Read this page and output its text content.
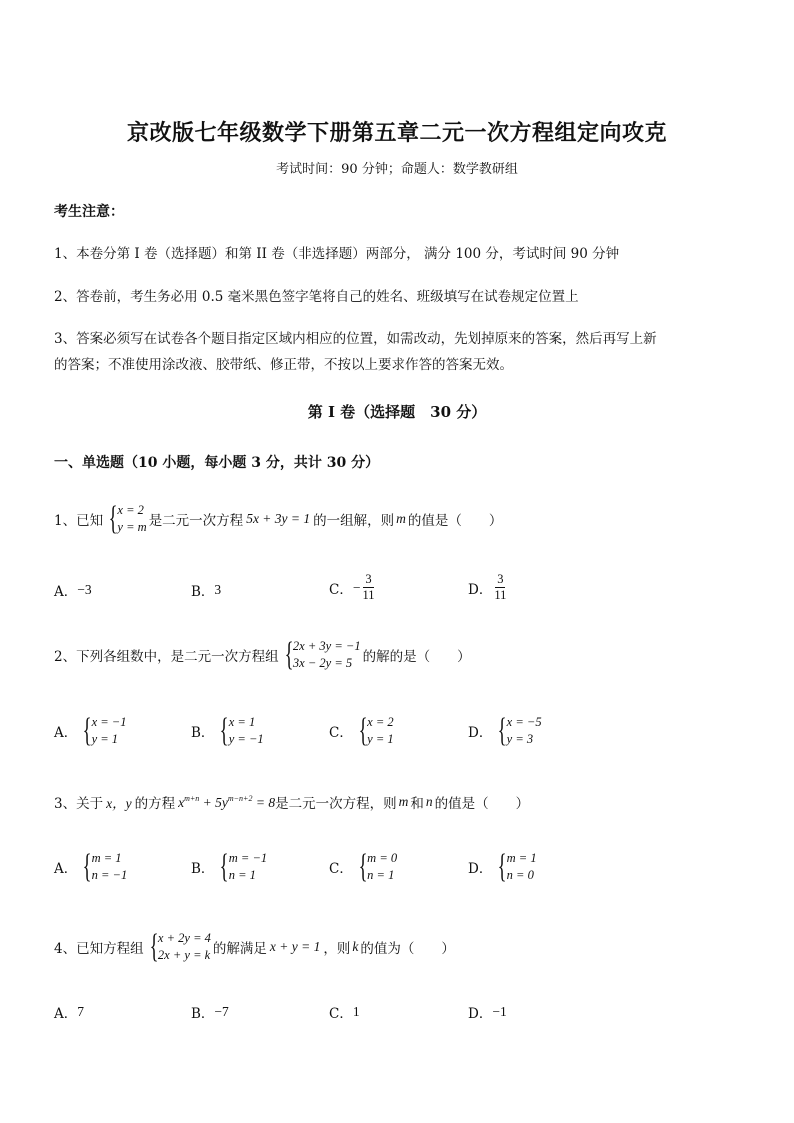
京改版七年级数学下册第五章二元一次方程组定向攻克
考试时间：90 分钟；命题人：数学教研组
考生注意：
1、本卷分第 I 卷（选择题）和第 II 卷（非选择题）两部分， 满分 100 分，考试时间 90 分钟
2、答卷前，考生务必用 0.5 毫米黑色签字笔将自己的姓名、班级填写在试卷规定位置上
3、答案必须写在试卷各个题目指定区域内相应的位置，如需改动，先划掉原来的答案，然后再写上新
的答案；不准使用涂改液、胶带纸、修正带，不按以上要求作答的答案无效。
第 I 卷（选择题　30 分）
一、单选题（10 小题，每小题 3 分，共计 30 分）
1、已知 { x = 2
y = m 是二元一次方程 5x + 3y = 1 的一组解，则 m 的值是（　　）
A． −3	B． 3	C． − $\frac{3}{11}$	D． $\frac{3}{11}$
2、下列各组数中，是二元一次方程组 { 2x + 3y = −1
3x − 2y = 5 的解的是（　　）
A． { x = −1
y = 1	B． { x = 1
y = −1	C． { x = 2
y = 1	D． { x = −5
y = 3
3、关于 x，y 的方程 $x^{m+n} + 5y^{m-n+2} = 8$ 是二元一次方程，则 m 和 n 的值是（　　）
A． { m = 1
n = −1	B． { m = −1
n = 1	C． { m = 0
n = 1	D． { m = 1
n = 0
4、已知方程组 { x + 2y = 4
2x + y = k 的解满足 x + y = 1 ，则 k 的值为（　　）
A． 7	B． −7	C． 1	D． −1
